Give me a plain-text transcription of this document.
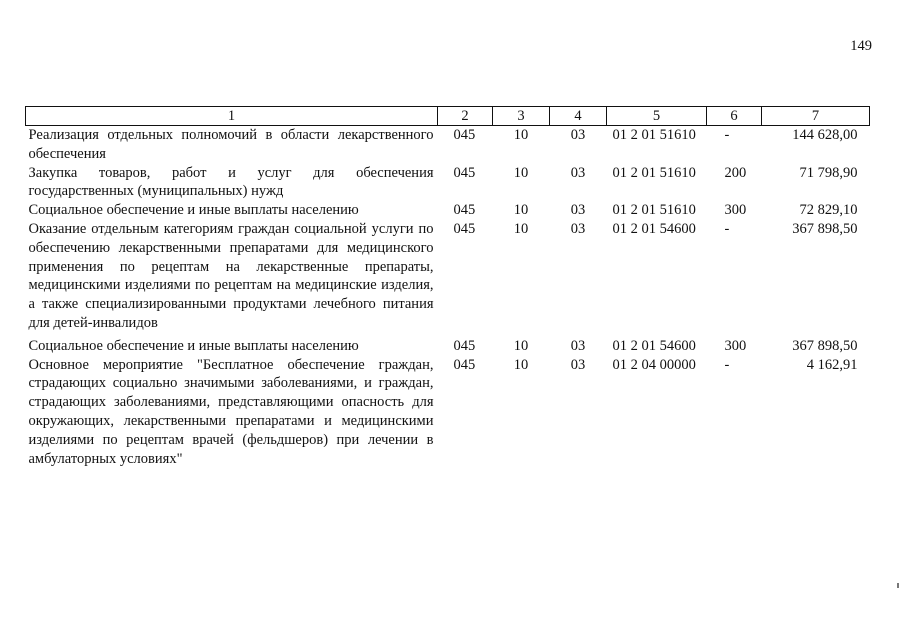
149
1	2	3	4	5	6	7
Реализация отдельных полномочий в области лекарственного обеспечения	045	10	03	01 2 01 51610	-	144 628,00
Закупка товаров, работ и услуг для обеспечения государственных (муниципальных) нужд	045	10	03	01 2 01 51610	200	71 798,90
Социальное обеспечение и иные выплаты населению	045	10	03	01 2 01 51610	300	72 829,10
Оказание отдельным категориям граждан социальной услуги по обеспечению лекарственными препаратами для медицинского применения по рецептам на лекарственные препараты, медицинскими изделиями по рецептам на медицинские изделия, а также специализированными продуктами лечебного питания для детей-инвалидов	045	10	03	01 2 01 54600	-	367 898,50
Социальное обеспечение и иные выплаты населению	045	10	03	01 2 01 54600	300	367 898,50
Основное мероприятие "Бесплатное обеспечение граждан, страдающих социально значимыми заболеваниями, и граждан, страдающих заболеваниями, представляющими опасность для окружающих, лекарственными препаратами и медицинскими изделиями по рецептам врачей (фельдшеров) при лечении в амбулаторных условиях"	045	10	03	01 2 04 00000	-	4 162,91
